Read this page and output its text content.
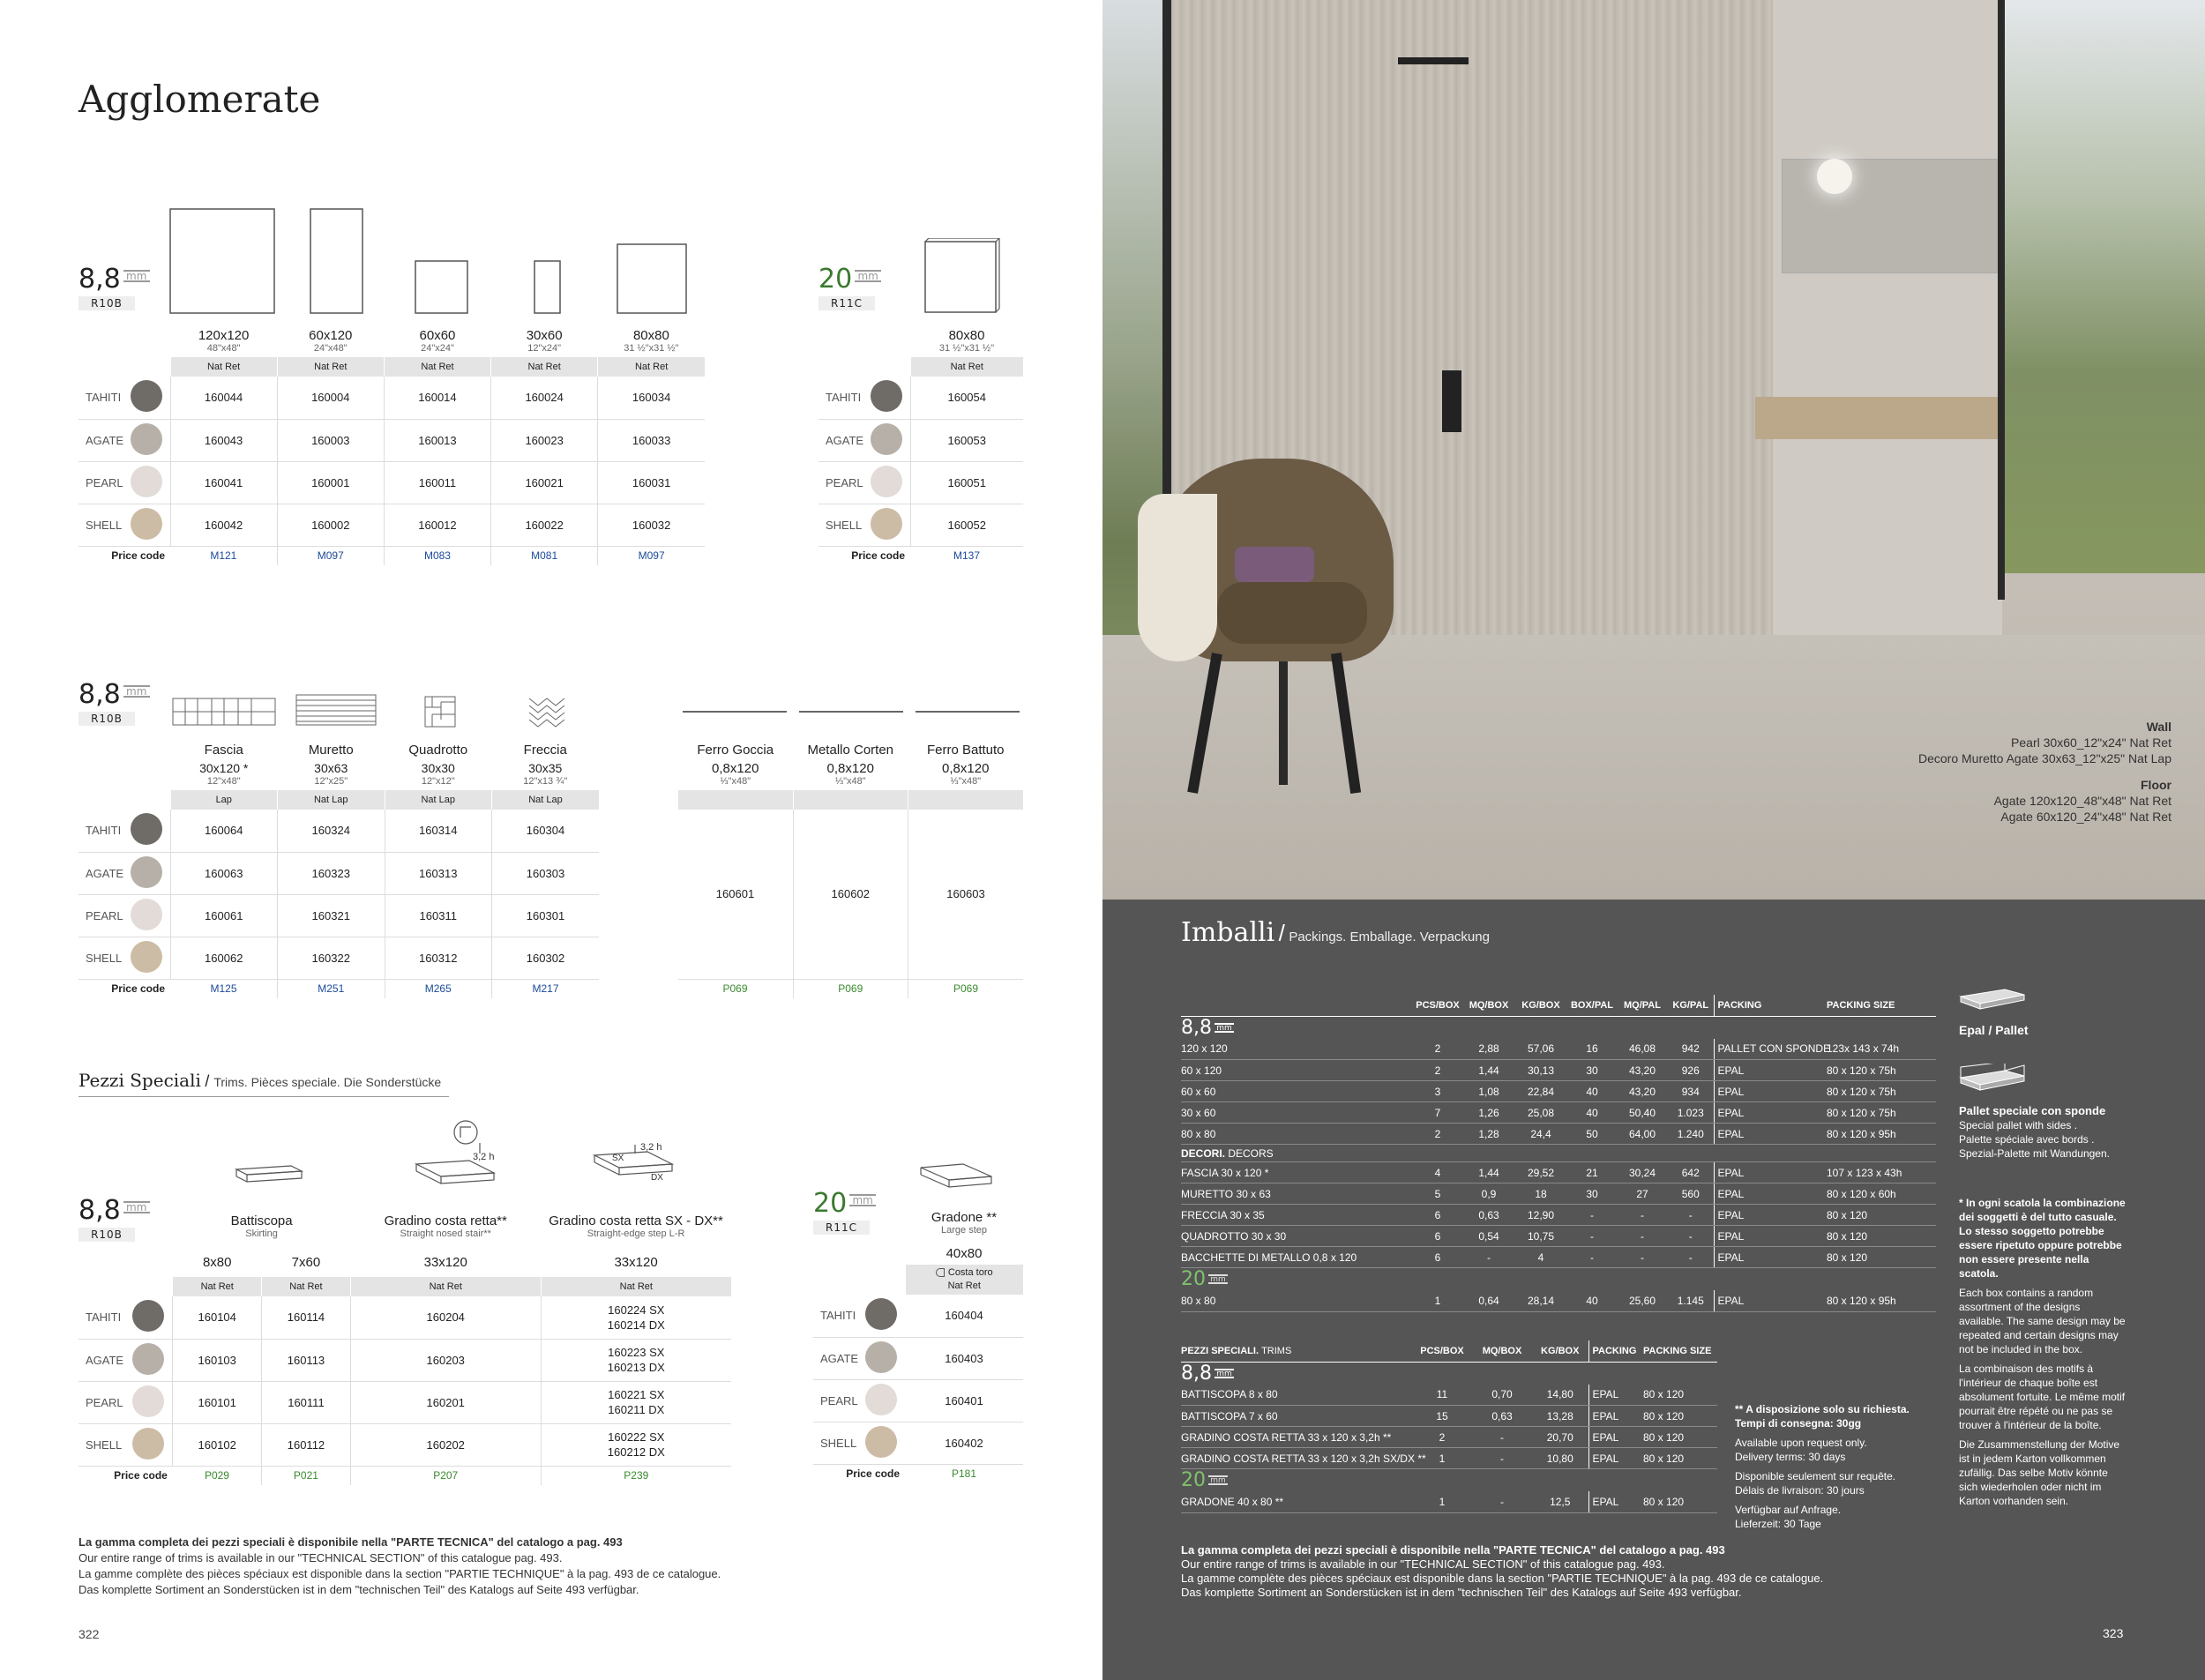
Agglomerate
8,8 mm
R10B
		120x120	60x120	60x60	30x60	80x80
		48"x48"	24"x48"	24"x24"	12"x24"	31 ½"x31 ½"
		Nat Ret	Nat Ret	Nat Ret	Nat Ret	Nat Ret
TAHITI		160044	160004	160014	160024	160034
AGATE		160043	160003	160013	160023	160033
PEARL		160041	160001	160011	160021	160031
SHELL		160042	160002	160012	160022	160032
Price code		M121	M097	M083	M081	M097
20 mm
R11C
		80x80
		31 ½"x31 ½"
		Nat Ret
TAHITI		160054
AGATE		160053
PEARL		160051
SHELL		160052
Price code		M137
8,8 mm
R10B
		Fascia	Muretto	Quadrotto	Freccia
		30x120 *	30x63	30x30	30x35
		12"x48"	12"x25"	12"x12"	12"x13 ¾"
		Lap	Nat Lap	Nat Lap	Nat Lap
TAHITI		160064	160324	160314	160304
AGATE		160063	160323	160313	160303
PEARL		160061	160321	160311	160301
SHELL		160062	160322	160312	160302
Price code		M125	M251	M265	M217
Ferro Goccia	Metallo Corten	Ferro Battuto
0,8x120	0,8x120	0,8x120
⅓"x48"	⅓"x48"	⅓"x48"

160601	160602	160603
P069	P069	P069
Pezzi Speciali / Trims. Pièces speciale. Die Sonderstücke
3,2 h	SX
DX
3,2 h
8,8 mm
R10B
		Battiscopa		Gradino costa retta**	Gradino costa retta SX - DX**
		Skirting		Straight nosed stair**	Straight-edge step L-R
		8x80	7x60	33x120	33x120
		Nat Ret	Nat Ret	Nat Ret	Nat Ret
TAHITI		160104	160114	160204	160224 SX
160214 DX
AGATE		160103	160113	160203	160223 SX
160213 DX
PEARL		160101	160111	160201	160221 SX
160211 DX
SHELL		160102	160112	160202	160222 SX
160212 DX
Price code		P029	P021	P207	P239
20 mm
R11C
		Gradone **
		Large step
		40x80
		Costa toro
Nat Ret
TAHITI		160404
AGATE		160403
PEARL		160401
SHELL		160402
Price code		P181
La gamma completa dei pezzi speciali è disponibile nella "PARTE TECNICA" del catalogo a pag. 493
Our entire range of trims is available in our "TECHNICAL SECTION" of this catalogue pag. 493.
La gamme complète des pièces spéciaux est disponible dans la section "PARTIE TECHNIQUE" à la pag. 493 de ce catalogue.
Das komplette Sortiment an Sonderstücken ist in dem "technischen Teil" des Katalogs auf Seite 493 verfügbar.
322
Wall
Pearl 30x60_12"x24" Nat Ret
Decoro Muretto Agate 30x63_12"x25" Nat Lap
Floor
Agate 120x120_48"x48" Nat Ret
Agate 60x120_24"x48" Nat Ret
Imballi / Packings. Emballage. Verpackung
	PCS/BOX	MQ/BOX	KG/BOX	BOX/PAL	MQ/PAL	KG/PAL	PACKING	PACKING SIZE
8,8 mm								
120 x 120	2	2,88	57,06	16	46,08	942	PALLET CON SPONDE	123x 143 x 74h
60 x 120	2	1,44	30,13	30	43,20	926	EPAL	80 x 120 x 75h
60 x 60	3	1,08	22,84	40	43,20	934	EPAL	80 x 120 x 75h
30 x 60	7	1,26	25,08	40	50,40	1.023	EPAL	80 x 120 x 75h
80 x 80	2	1,28	24,4	50	64,00	1.240	EPAL	80 x 120 x 95h
DECORI. DECORS								
FASCIA 30 x 120 *	4	1,44	29,52	21	30,24	642	EPAL	107 x 123 x 43h
MURETTO 30 x 63	5	0,9	18	30	27	560	EPAL	80 x 120 x 60h
FRECCIA 30 x 35	6	0,63	12,90	-	-	-	EPAL	80 x 120
QUADROTTO 30 x 30	6	0,54	10,75	-	-	-	EPAL	80 x 120
BACCHETTE DI METALLO 0,8 x 120	6	-	4	-	-	-	EPAL	80 x 120
20 mm								
80 x 80	1	0,64	28,14	40	25,60	1.145	EPAL	80 x 120 x 95h
PEZZI SPECIALI. TRIMS	PCS/BOX	MQ/BOX	KG/BOX	PACKING	PACKING SIZE
8,8 mm					
BATTISCOPA 8 x 80	11	0,70	14,80	EPAL	80 x 120
BATTISCOPA 7 x 60	15	0,63	13,28	EPAL	80 x 120
GRADINO COSTA RETTA 33 x 120 x 3,2h **	2	-	20,70	EPAL	80 x 120
GRADINO COSTA RETTA 33 x 120 x 3,2h SX/DX **	1	-	10,80	EPAL	80 x 120
20 mm					
GRADONE 40 x 80 **	1	-	12,5	EPAL	80 x 120
** A disposizione solo su richiesta.
Tempi di consegna: 30gg
Available upon request only.
Delivery terms: 30 days
Disponible seulement sur requête.
Délais de livraison: 30 jours
Verfügbar auf Anfrage.
Lieferzeit: 30 Tage
Epal / Pallet
Pallet speciale con sponde
Special pallet with sides .
Palette spéciale avec bords .
Spezial-Palette mit Wandungen.
* In ogni scatola la combinazione dei soggetti è del tutto casuale. Lo stesso soggetto potrebbe essere ripetuto oppure potrebbe non essere presente nella scatola.
Each box contains a random assortment of the designs available. The same design may be repeated and certain designs may not be included in the box.
La combinaison des motifs à l'intérieur de chaque boîte est absolument fortuite. Le même motif pourrait être répété ou ne pas se trouver à l'intérieur de la boîte.
Die Zusammenstellung der Motive ist in jedem Karton vollkommen zufällig. Das selbe Motiv könnte sich wiederholen oder nicht im Karton vorhanden sein.
La gamma completa dei pezzi speciali è disponibile nella "PARTE TECNICA" del catalogo a pag. 493
Our entire range of trims is available in our "TECHNICAL SECTION" of this catalogue pag. 493.
La gamme complète des pièces spéciaux est disponible dans la section "PARTIE TECHNIQUE" à la pag. 493 de ce catalogue.
Das komplette Sortiment an Sonderstücken ist in dem "technischen Teil" des Katalogs auf Seite 493 verfügbar.
323
